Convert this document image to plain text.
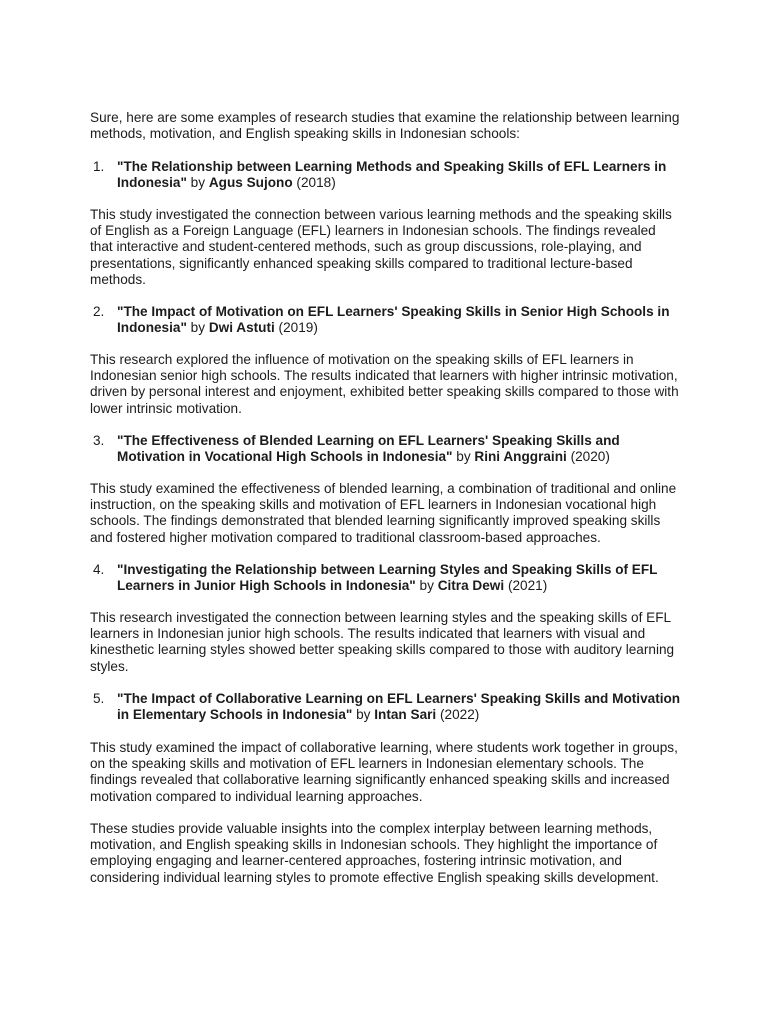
Sure, here are some examples of research studies that examine the relationship between learning methods, motivation, and English speaking skills in Indonesian schools:

1. "The Relationship between Learning Methods and Speaking Skills of EFL Learners in Indonesia" by Agus Sujono (2018)

This study investigated the connection between various learning methods and the speaking skills of English as a Foreign Language (EFL) learners in Indonesian schools. The findings revealed that interactive and student-centered methods, such as group discussions, role-playing, and presentations, significantly enhanced speaking skills compared to traditional lecture-based methods.

2. "The Impact of Motivation on EFL Learners' Speaking Skills in Senior High Schools in Indonesia" by Dwi Astuti (2019)

This research explored the influence of motivation on the speaking skills of EFL learners in Indonesian senior high schools. The results indicated that learners with higher intrinsic motivation, driven by personal interest and enjoyment, exhibited better speaking skills compared to those with lower intrinsic motivation.

3. "The Effectiveness of Blended Learning on EFL Learners' Speaking Skills and Motivation in Vocational High Schools in Indonesia" by Rini Anggraini (2020)

This study examined the effectiveness of blended learning, a combination of traditional and online instruction, on the speaking skills and motivation of EFL learners in Indonesian vocational high schools. The findings demonstrated that blended learning significantly improved speaking skills and fostered higher motivation compared to traditional classroom-based approaches.

4. "Investigating the Relationship between Learning Styles and Speaking Skills of EFL Learners in Junior High Schools in Indonesia" by Citra Dewi (2021)

This research investigated the connection between learning styles and the speaking skills of EFL learners in Indonesian junior high schools. The results indicated that learners with visual and kinesthetic learning styles showed better speaking skills compared to those with auditory learning styles.

5. "The Impact of Collaborative Learning on EFL Learners' Speaking Skills and Motivation in Elementary Schools in Indonesia" by Intan Sari (2022)

This study examined the impact of collaborative learning, where students work together in groups, on the speaking skills and motivation of EFL learners in Indonesian elementary schools. The findings revealed that collaborative learning significantly enhanced speaking skills and increased motivation compared to individual learning approaches.

These studies provide valuable insights into the complex interplay between learning methods, motivation, and English speaking skills in Indonesian schools. They highlight the importance of employing engaging and learner-centered approaches, fostering intrinsic motivation, and considering individual learning styles to promote effective English speaking skills development.
